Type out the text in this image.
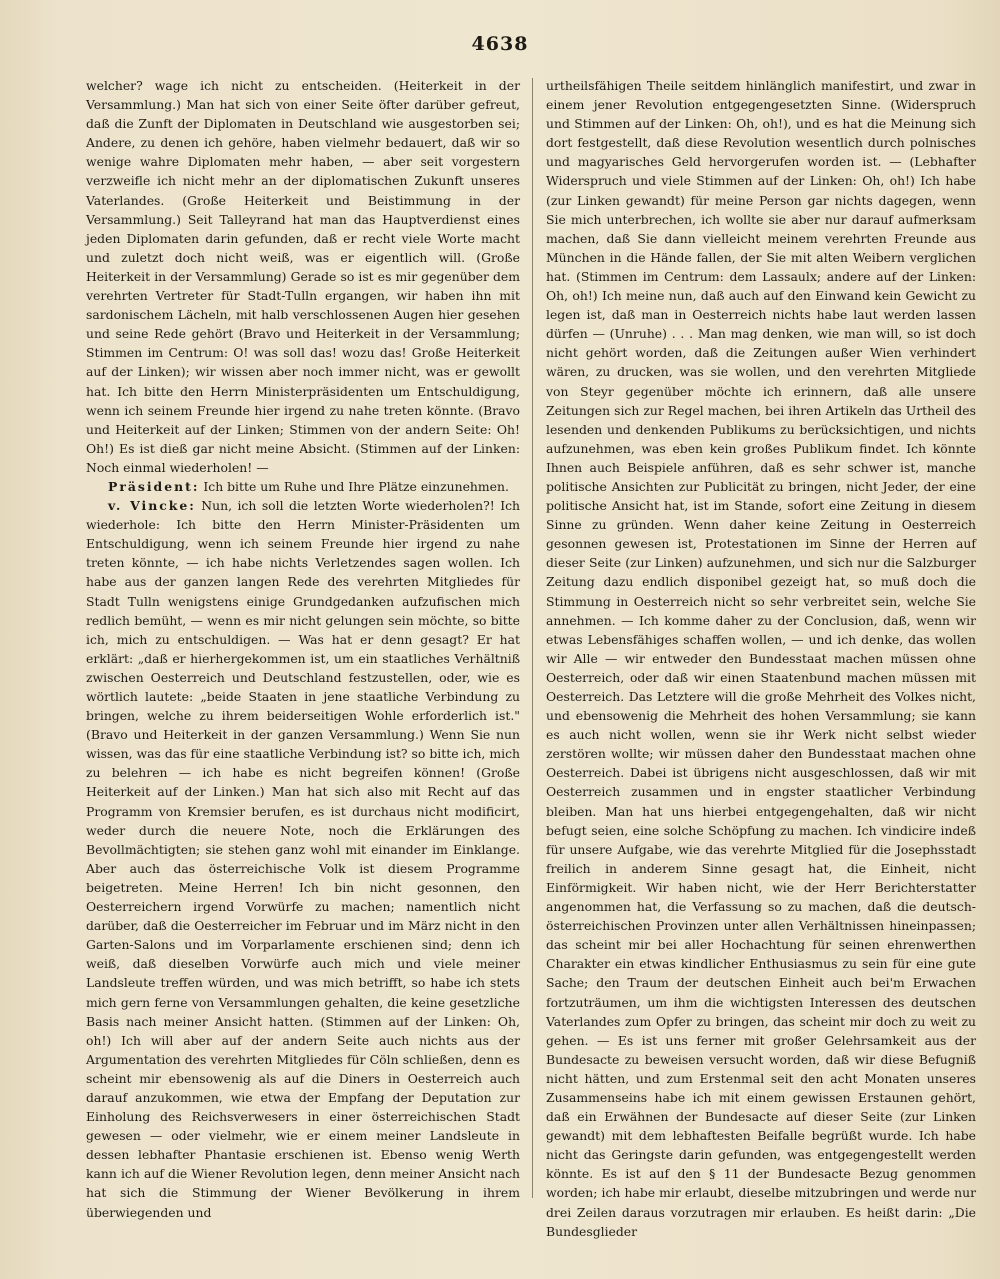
4638

welcher? wage ich nicht zu entscheiden. (Heiterkeit in der Versammlung.) Man hat sich von einer Seite öfter darüber gefreut, daß die Zunft der Diplomaten in Deutschland wie ausgestorben sei; Andere, zu denen ich gehöre, haben vielmehr bedauert, daß wir so wenige wahre Diplomaten mehr haben, — aber seit vorgestern verzweifle ich nicht mehr an der diplomatischen Zukunft unseres Vaterlandes. (Große Heiterkeit und Beistimmung in der Versammlung.) Seit Talleyrand hat man das Hauptverdienst eines jeden Diplomaten darin gefunden, daß er recht viele Worte macht und zuletzt doch nicht weiß, was er eigentlich will. (Große Heiterkeit in der Versammlung) Gerade so ist es mir gegenüber dem verehrten Vertreter für Stadt-Tulln ergangen, wir haben ihn mit sardonischem Lächeln, mit halb verschlossenen Augen hier gesehen und seine Rede gehört (Bravo und Heiterkeit in der Versammlung; Stimmen im Centrum: O! was soll das! wozu das! Große Heiterkeit auf der Linken); wir wissen aber noch immer nicht, was er gewollt hat. Ich bitte den Herrn Ministerpräsidenten um Entschuldigung, wenn ich seinem Freunde hier irgend zu nahe treten könnte. (Bravo und Heiterkeit auf der Linken; Stimmen von der andern Seite: Oh! Oh!) Es ist dieß gar nicht meine Absicht. (Stimmen auf der Linken: Noch einmal wiederholen! —

Präsident: Ich bitte um Ruhe und Ihre Plätze einzunehmen.

v. Vincke: Nun, ich soll die letzten Worte wiederholen?! Ich wiederhole: Ich bitte den Herrn Minister-Präsidenten um Entschuldigung, wenn ich seinem Freunde hier irgend zu nahe treten könnte, — ich habe nichts Verletzendes sagen wollen. Ich habe aus der ganzen langen Rede des verehrten Mitgliedes für Stadt Tulln wenigstens einige Grundgedanken aufzufischen mich redlich bemüht, — wenn es mir nicht gelungen sein möchte, so bitte ich, mich zu entschuldigen. — Was hat er denn gesagt? Er hat erklärt: „daß er hierhergekommen ist, um ein staatliches Verhältniß zwischen Oesterreich und Deutschland festzustellen, oder, wie es wörtlich lautete: „beide Staaten in jene staatliche Verbindung zu bringen, welche zu ihrem beiderseitigen Wohle erforderlich ist." (Bravo und Heiterkeit in der ganzen Versammlung.) Wenn Sie nun wissen, was das für eine staatliche Verbindung ist? so bitte ich, mich zu belehren — ich habe es nicht begreifen können! (Große Heiterkeit auf der Linken.) Man hat sich also mit Recht auf das Programm von Kremsier berufen, es ist durchaus nicht modificirt, weder durch die neuere Note, noch die Erklärungen des Bevollmächtigten; sie stehen ganz wohl mit einander im Einklange. Aber auch das österreichische Volk ist diesem Programme beigetreten. Meine Herren! Ich bin nicht gesonnen, den Oesterreichern irgend Vorwürfe zu machen; namentlich nicht darüber, daß die Oesterreicher im Februar und im März nicht in den Garten-Salons und im Vorparlamente erschienen sind; denn ich weiß, daß dieselben Vorwürfe auch mich und viele meiner Landsleute treffen würden, und was mich betrifft, so habe ich stets mich gern ferne von Versammlungen gehalten, die keine gesetzliche Basis nach meiner Ansicht hatten. (Stimmen auf der Linken: Oh, oh!) Ich will aber auf der andern Seite auch nichts aus der Argumentation des verehrten Mitgliedes für Cöln schließen, denn es scheint mir ebensowenig als auf die Diners in Oesterreich auch darauf anzukommen, wie etwa der Empfang der Deputation zur Einholung des Reichsverwesers in einer österreichischen Stadt gewesen — oder vielmehr, wie er einem meiner Landsleute in dessen lebhafter Phantasie erschienen ist. Ebenso wenig Werth kann ich auf die Wiener Revolution legen, denn meiner Ansicht nach hat sich die Stimmung der Wiener Bevölkerung in ihrem überwiegenden und

urtheilsfähigen Theile seitdem hinlänglich manifestirt, und zwar in einem jener Revolution entgegengesetzten Sinne. (Widerspruch und Stimmen auf der Linken: Oh, oh!), und es hat die Meinung sich dort festgestellt, daß diese Revolution wesentlich durch polnisches und magyarisches Geld hervorgerufen worden ist. — (Lebhafter Widerspruch und viele Stimmen auf der Linken: Oh, oh!) Ich habe (zur Linken gewandt) für meine Person gar nichts dagegen, wenn Sie mich unterbrechen, ich wollte sie aber nur darauf aufmerksam machen, daß Sie dann vielleicht meinem verehrten Freunde aus München in die Hände fallen, der Sie mit alten Weibern verglichen hat. (Stimmen im Centrum: dem Lassaulx; andere auf der Linken: Oh, oh!) Ich meine nun, daß auch auf den Einwand kein Gewicht zu legen ist, daß man in Oesterreich nichts habe laut werden lassen dürfen — (Unruhe) . . . Man mag denken, wie man will, so ist doch nicht gehört worden, daß die Zeitungen außer Wien verhindert wären, zu drucken, was sie wollen, und den verehrten Mitgliede von Steyr gegenüber möchte ich erinnern, daß alle unsere Zeitungen sich zur Regel machen, bei ihren Artikeln das Urtheil des lesenden und denkenden Publikums zu berücksichtigen, und nichts aufzunehmen, was eben kein großes Publikum findet. Ich könnte Ihnen auch Beispiele anführen, daß es sehr schwer ist, manche politische Ansichten zur Publicität zu bringen, nicht Jeder, der eine politische Ansicht hat, ist im Stande, sofort eine Zeitung in diesem Sinne zu gründen. Wenn daher keine Zeitung in Oesterreich gesonnen gewesen ist, Protestationen im Sinne der Herren auf dieser Seite (zur Linken) aufzunehmen, und sich nur die Salzburger Zeitung dazu endlich disponibel gezeigt hat, so muß doch die Stimmung in Oesterreich nicht so sehr verbreitet sein, welche Sie annehmen. — Ich komme daher zu der Conclusion, daß, wenn wir etwas Lebensfähiges schaffen wollen, — und ich denke, das wollen wir Alle — wir entweder den Bundesstaat machen müssen ohne Oesterreich, oder daß wir einen Staatenbund machen müssen mit Oesterreich. Das Letztere will die große Mehrheit des Volkes nicht, und ebensowenig die Mehrheit des hohen Versammlung; sie kann es auch nicht wollen, wenn sie ihr Werk nicht selbst wieder zerstören wollte; wir müssen daher den Bundesstaat machen ohne Oesterreich. Dabei ist übrigens nicht ausgeschlossen, daß wir mit Oesterreich zusammen und in engster staatlicher Verbindung bleiben. Man hat uns hierbei entgegengehalten, daß wir nicht befugt seien, eine solche Schöpfung zu machen. Ich vindicire indeß für unsere Aufgabe, wie das verehrte Mitglied für die Josephsstadt freilich in anderem Sinne gesagt hat, die Einheit, nicht Einförmigkeit. Wir haben nicht, wie der Herr Berichterstatter angenommen hat, die Verfassung so zu machen, daß die deutsch-österreichischen Provinzen unter allen Verhältnissen hineinpassen; das scheint mir bei aller Hochachtung für seinen ehrenwerthen Charakter ein etwas kindlicher Enthusiasmus zu sein für eine gute Sache; den Traum der deutschen Einheit auch bei'm Erwachen fortzuträumen, um ihm die wichtigsten Interessen des deutschen Vaterlandes zum Opfer zu bringen, das scheint mir doch zu weit zu gehen. — Es ist uns ferner mit großer Gelehrsamkeit aus der Bundesacte zu beweisen versucht worden, daß wir diese Befugniß nicht hätten, und zum Erstenmal seit den acht Monaten unseres Zusammenseins habe ich mit einem gewissen Erstaunen gehört, daß ein Erwähnen der Bundesacte auf dieser Seite (zur Linken gewandt) mit dem lebhaftesten Beifalle begrüßt wurde. Ich habe nicht das Geringste darin gefunden, was entgegengestellt werden könnte. Es ist auf den § 11 der Bundesacte Bezug genommen worden; ich habe mir erlaubt, dieselbe mitzubringen und werde nur drei Zeilen daraus vorzutragen mir erlauben. Es heißt darin: „Die Bundesglieder
